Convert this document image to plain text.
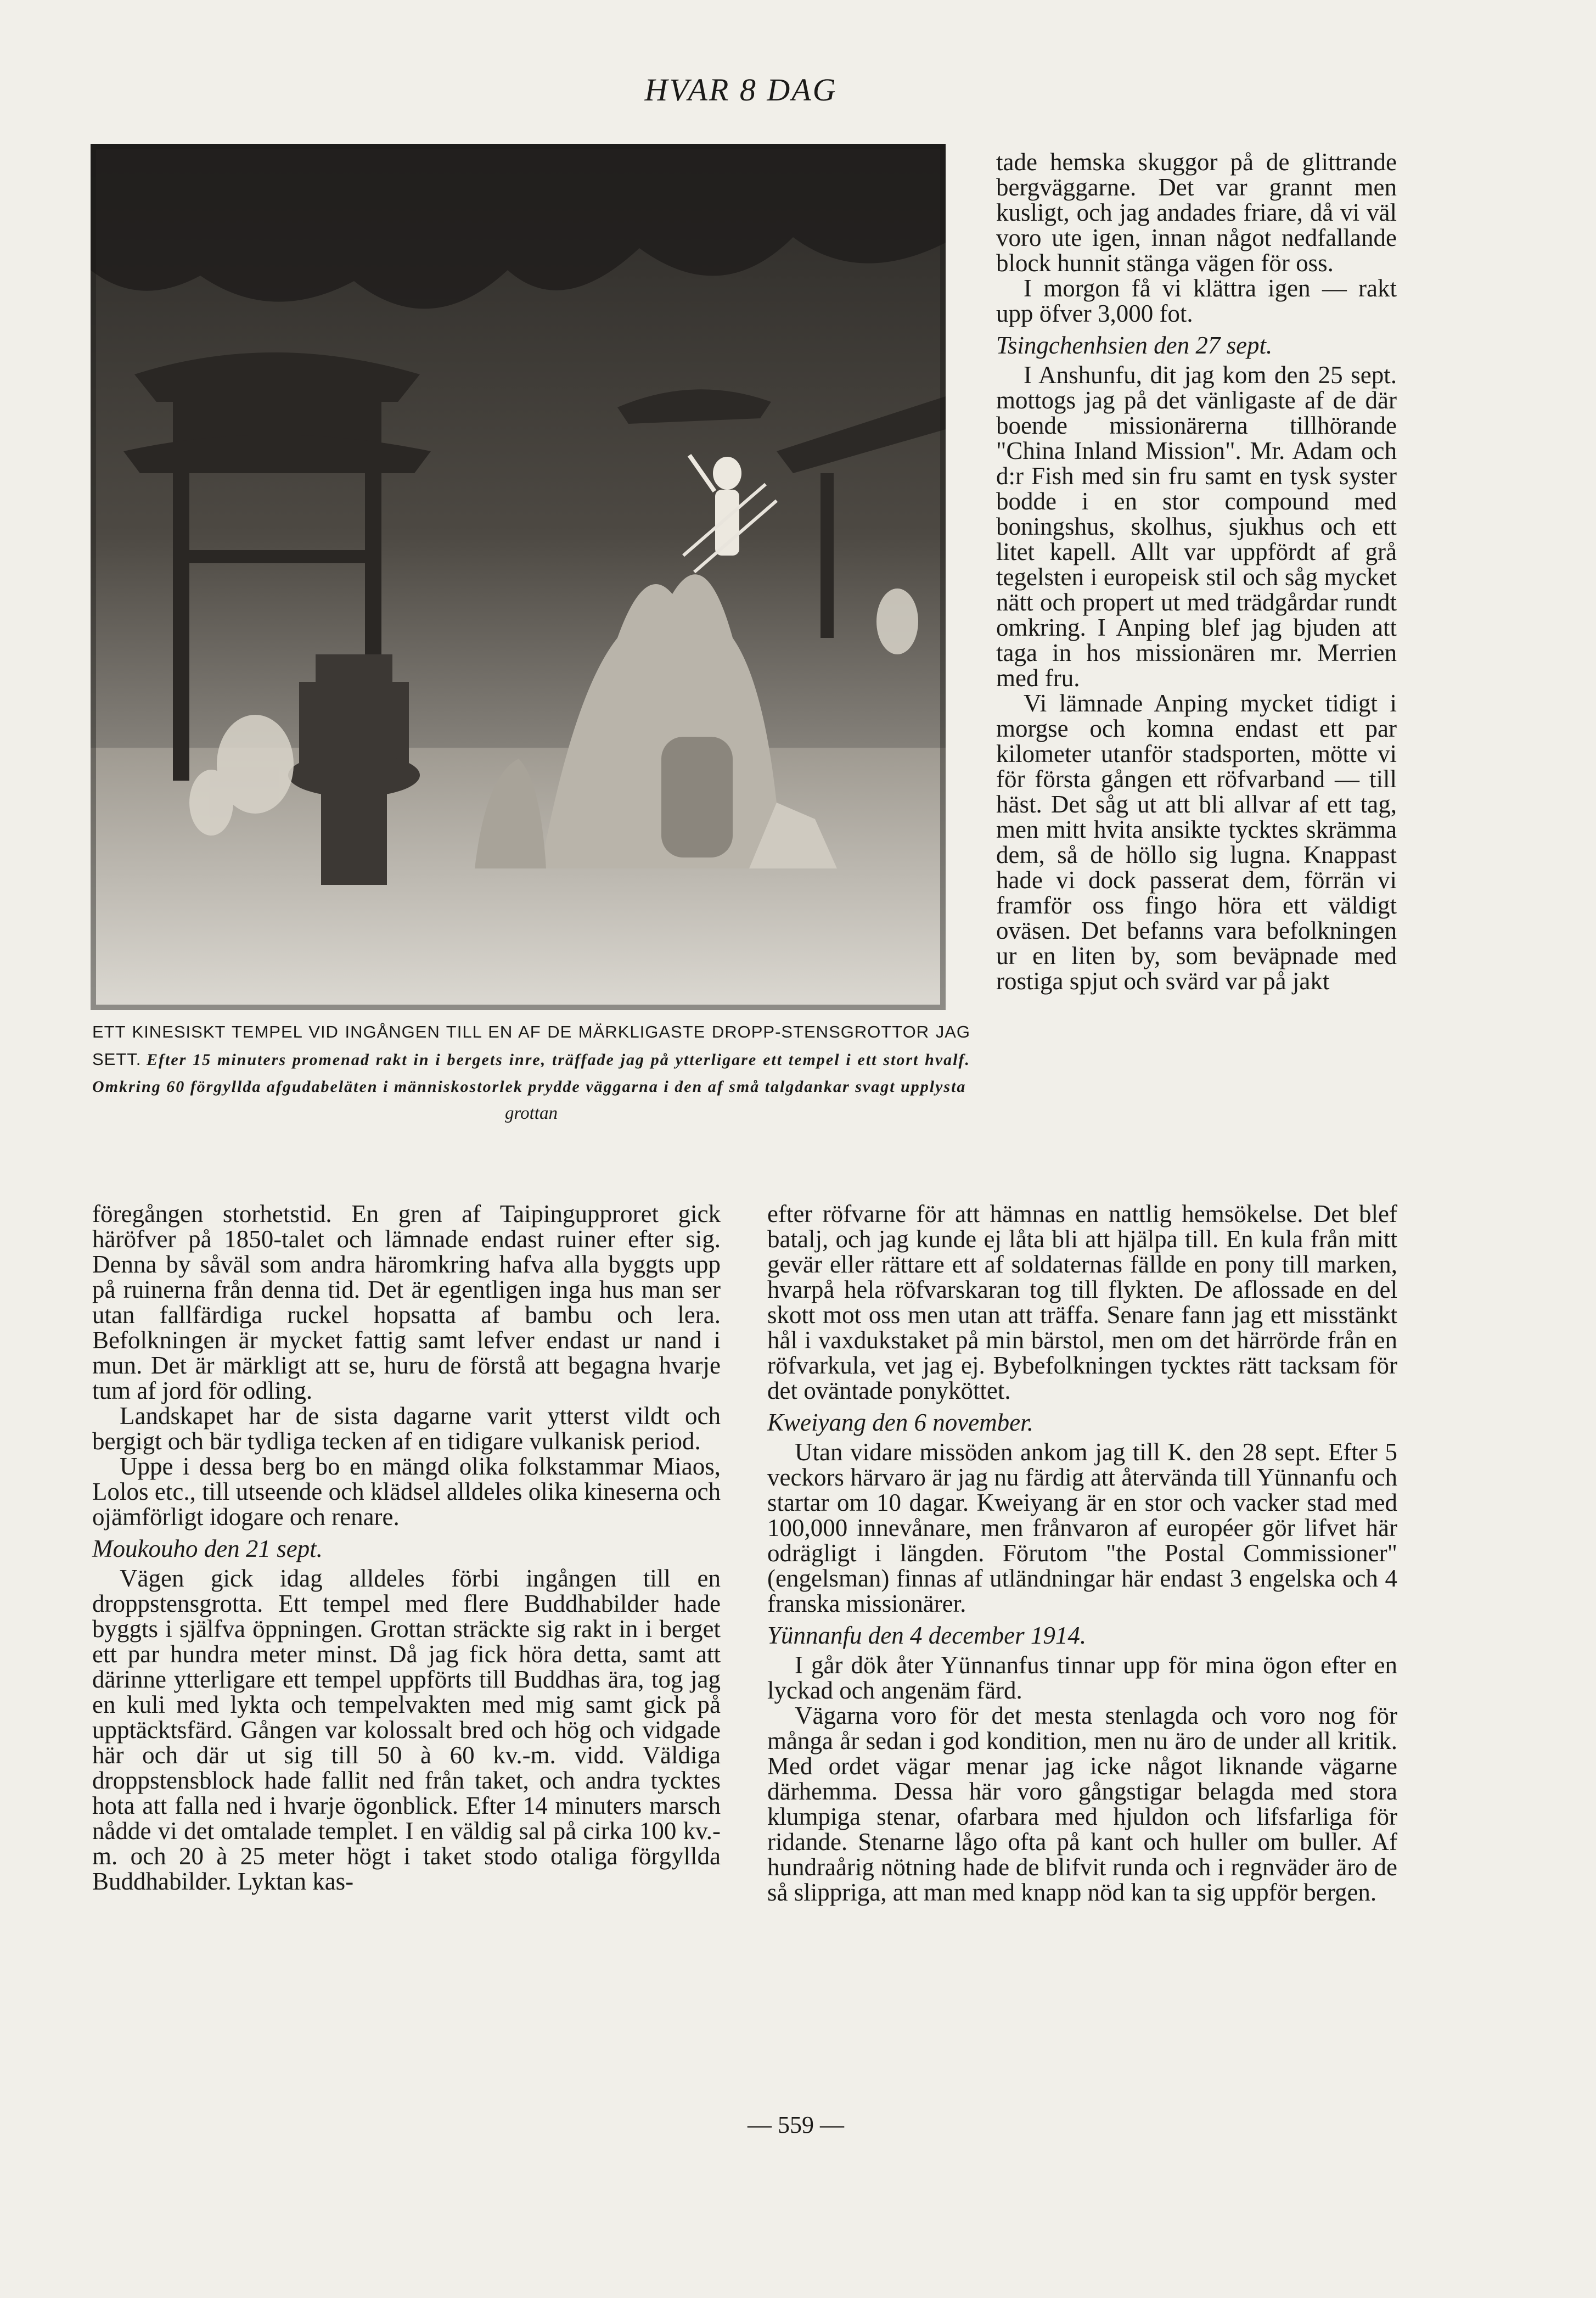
HVAR 8 DAG
ETT KINESISKT TEMPEL VID INGÅNGEN TILL EN AF DE MÄRKLIGASTE DROPP-STENSGROTTOR JAG SETT. Efter 15 minuters promenad rakt in i bergets inre, träffade jag på ytterligare ett tempel i ett stort hvalf. Omkring 60 förgyllda afgudabeläten i människostorlek prydde väggarna i den af små talgdankar svagt upplysta
grottan

tade hemska skuggor på de glittrande bergväggarne. Det var grannt men kusligt, och jag andades friare, då vi väl voro ute igen, innan något nedfallande block hunnit stänga vägen för oss.

I morgon få vi klättra igen — rakt upp öfver 3,000 fot.

Tsingchenhsien den 27 sept.

I Anshunfu, dit jag kom den 25 sept. mottogs jag på det vänligaste af de där boende missionärerna tillhörande "China Inland Mission". Mr. Adam och d:r Fish med sin fru samt en tysk syster bodde i en stor compound med boningshus, skolhus, sjukhus och ett litet kapell. Allt var uppfördt af grå tegelsten i europeisk stil och såg mycket nätt och propert ut med trädgårdar rundt omkring. I Anping blef jag bjuden att taga in hos missionären mr. Merrien med fru.

Vi lämnade Anping mycket tidigt i morgse och komna endast ett par kilometer utanför stadsporten, mötte vi för första gången ett röfvarband — till häst. Det såg ut att bli allvar af ett tag, men mitt hvita ansikte tycktes skrämma dem, så de höllo sig lugna. Knappast hade vi dock passerat dem, förrän vi framför oss fingo höra ett väldigt oväsen. Det befanns vara befolkningen ur en liten by, som beväpnade med rostiga spjut och svärd var på jakt

föregången storhetstid. En gren af Taipingupproret gick häröfver på 1850-talet och lämnade endast ruiner efter sig. Denna by såväl som andra häromkring hafva alla byggts upp på ruinerna från denna tid. Det är egentligen inga hus man ser utan fallfärdiga ruckel hopsatta af bambu och lera. Befolkningen är mycket fattig samt lefver endast ur nand i mun. Det är märkligt att se, huru de förstå att begagna hvarje tum af jord för odling.

Landskapet har de sista dagarne varit ytterst vildt och bergigt och bär tydliga tecken af en tidigare vulkanisk period.

Uppe i dessa berg bo en mängd olika folkstammar Miaos, Lolos etc., till utseende och klädsel alldeles olika kineserna och ojämförligt idogare och renare.

Moukouho den 21 sept.

Vägen gick idag alldeles förbi ingången till en droppstensgrotta. Ett tempel med flere Buddhabilder hade byggts i själfva öppningen. Grottan sträckte sig rakt in i berget ett par hundra meter minst. Då jag fick höra detta, samt att därinne ytterligare ett tempel uppförts till Buddhas ära, tog jag en kuli med lykta och tempelvakten med mig samt gick på upptäcktsfärd. Gången var kolossalt bred och hög och vidgade här och där ut sig till 50 à 60 kv.-m. vidd. Väldiga droppstensblock hade fallit ned från taket, och andra tycktes hota att falla ned i hvarje ögonblick. Efter 14 minuters marsch nådde vi det omtalade templet. I en väldig sal på cirka 100 kv.-m. och 20 à 25 meter högt i taket stodo otaliga förgyllda Buddhabilder. Lyktan kas-

efter röfvarne för att hämnas en nattlig hemsökelse. Det blef batalj, och jag kunde ej låta bli att hjälpa till. En kula från mitt gevär eller rättare ett af soldaternas fällde en pony till marken, hvarpå hela röfvarskaran tog till flykten. De aflossade en del skott mot oss men utan att träffa. Senare fann jag ett misstänkt hål i vaxdukstaket på min bärstol, men om det härrörde från en röfvarkula, vet jag ej. Bybefolkningen tycktes rätt tacksam för det oväntade ponyköttet.

Kweiyang den 6 november.

Utan vidare missöden ankom jag till K. den 28 sept. Efter 5 veckors härvaro är jag nu färdig att återvända till Yünnanfu och startar om 10 dagar. Kweiyang är en stor och vacker stad med 100,000 innevånare, men frånvaron af européer gör lifvet här odrägligt i längden. Förutom "the Postal Commissioner" (engelsman) finnas af utländningar här endast 3 engelska och 4 franska missionärer.

Yünnanfu den 4 december 1914.

I går dök åter Yünnanfus tinnar upp för mina ögon efter en lyckad och angenäm färd.

Vägarna voro för det mesta stenlagda och voro nog för många år sedan i god kondition, men nu äro de under all kritik. Med ordet vägar menar jag icke något liknande vägarne därhemma. Dessa här voro gångstigar belagda med stora klumpiga stenar, ofarbara med hjuldon och lifsfarliga för ridande. Stenarne lågo ofta på kant och huller om buller. Af hundraårig nötning hade de blifvit runda och i regnväder äro de så slippriga, att man med knapp nöd kan ta sig uppför bergen.

— 559 —
